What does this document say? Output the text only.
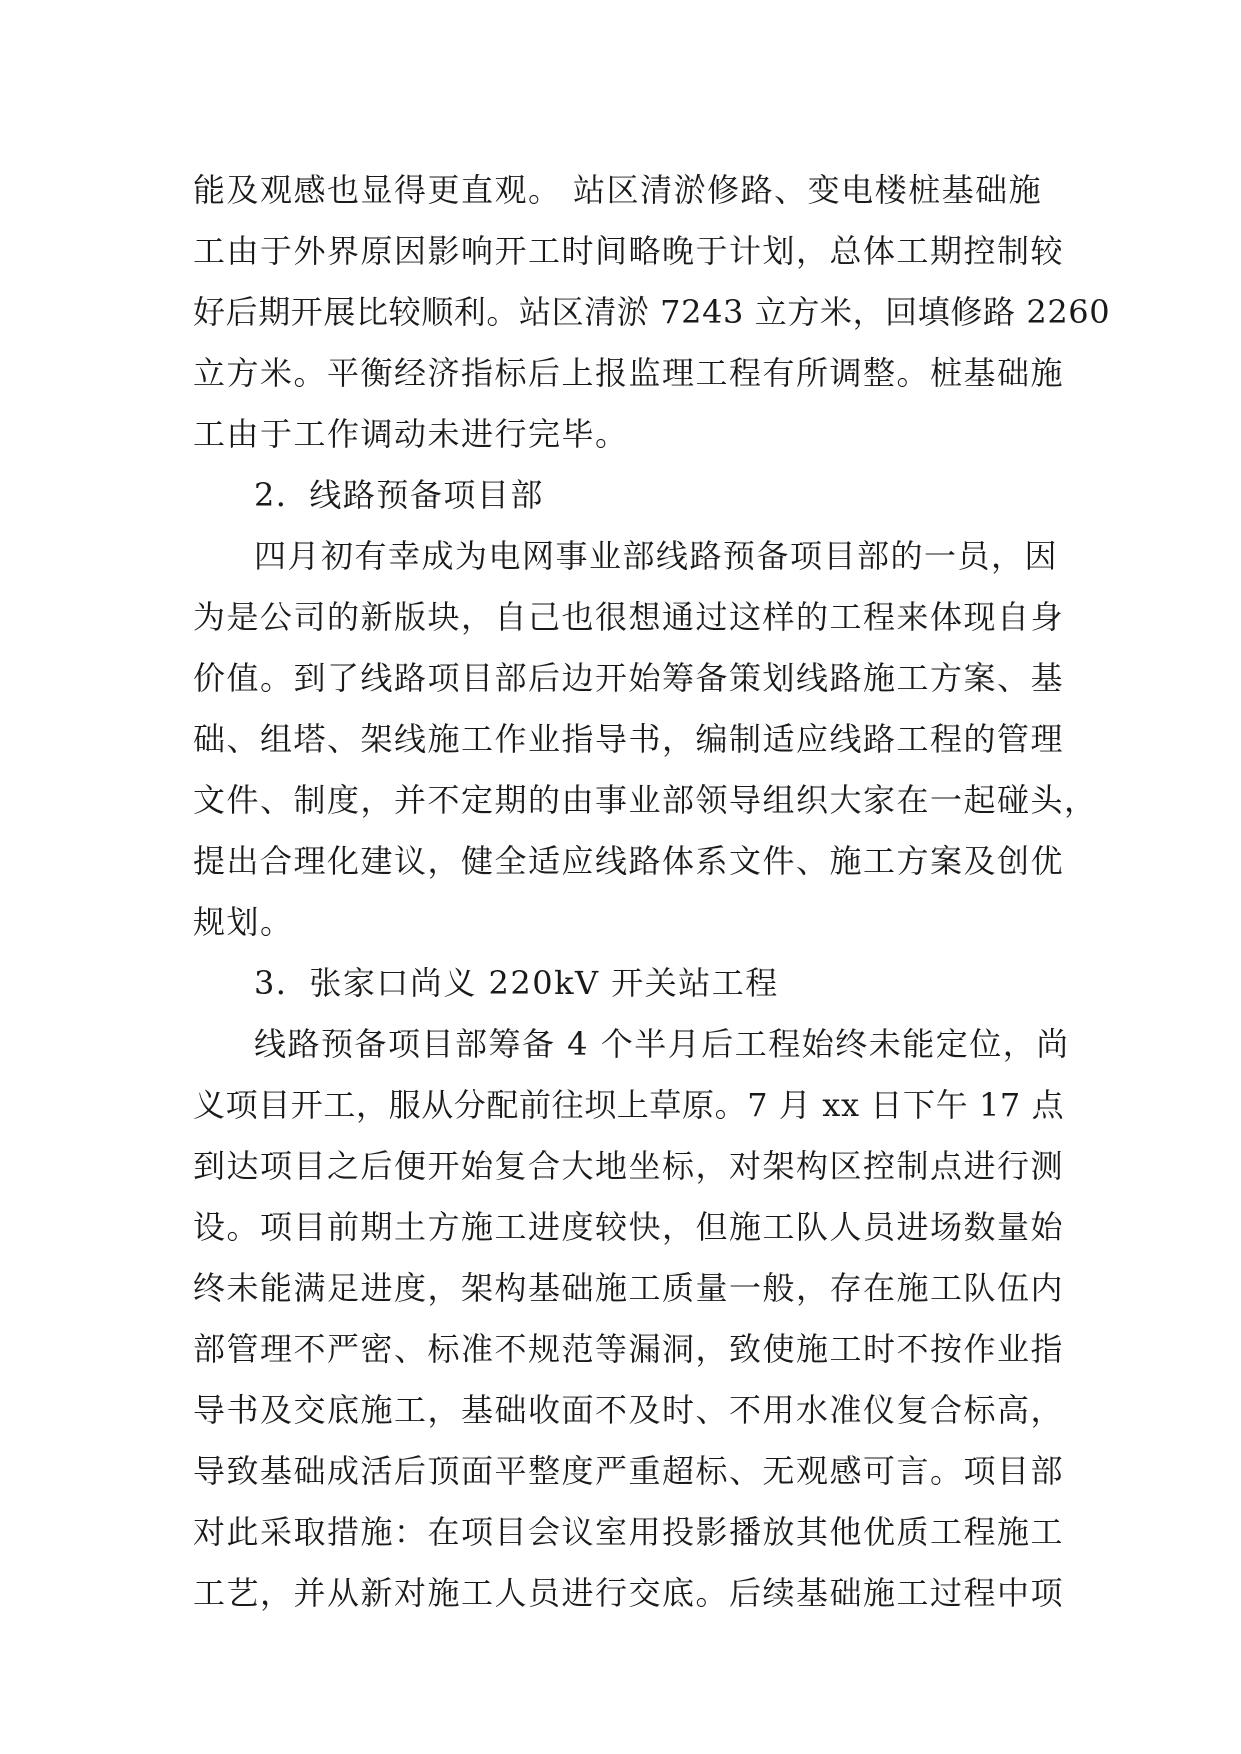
能及观感也显得更直观。 站区清淤修路、变电楼桩基础施
工由于外界原因影响开工时间略晚于计划，总体工期控制较
好后期开展比较顺利。站区清淤 7243 立方米，回填修路 2260
立方米。平衡经济指标后上报监理工程有所调整。桩基础施
工由于工作调动未进行完毕。
2．线路预备项目部
四月初有幸成为电网事业部线路预备项目部的一员，因
为是公司的新版块，自己也很想通过这样的工程来体现自身
价值。到了线路项目部后边开始筹备策划线路施工方案、基
础、组塔、架线施工作业指导书，编制适应线路工程的管理
文件、制度，并不定期的由事业部领导组织大家在一起碰头，
提出合理化建议，健全适应线路体系文件、施工方案及创优
规划。
3．张家口尚义 220kV 开关站工程
线路预备项目部筹备 4 个半月后工程始终未能定位，尚
义项目开工，服从分配前往坝上草原。7 月 xx 日下午 17 点
到达项目之后便开始复合大地坐标，对架构区控制点进行测
设。项目前期土方施工进度较快，但施工队人员进场数量始
终未能满足进度，架构基础施工质量一般，存在施工队伍内
部管理不严密、标准不规范等漏洞，致使施工时不按作业指
导书及交底施工，基础收面不及时、不用水准仪复合标高，
导致基础成活后顶面平整度严重超标、无观感可言。项目部
对此采取措施：在项目会议室用投影播放其他优质工程施工
工艺，并从新对施工人员进行交底。后续基础施工过程中项
